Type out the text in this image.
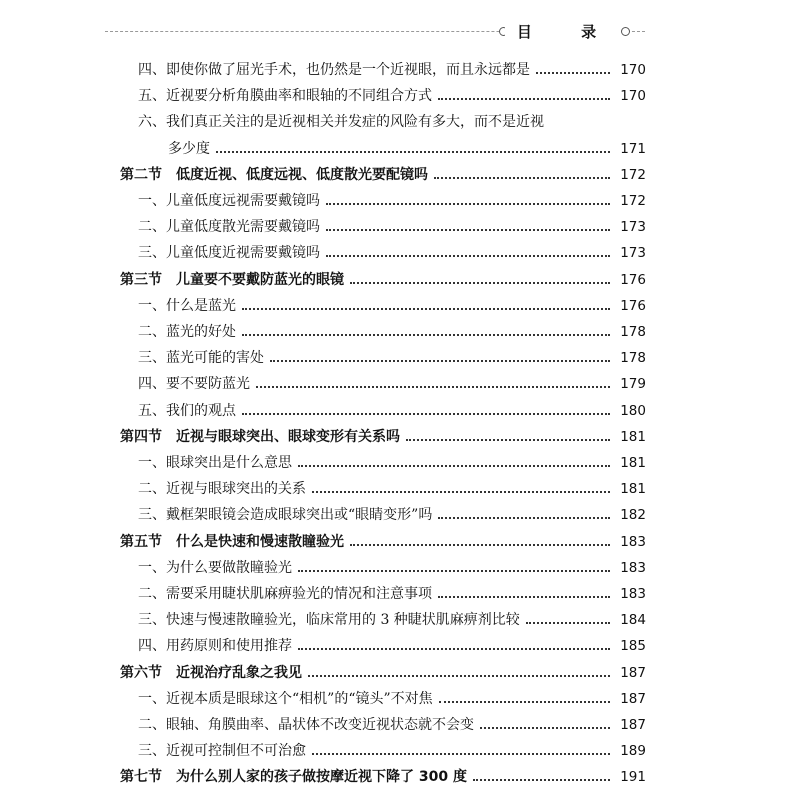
目 录
四、即使你做了屈光手术，也仍然是一个近视眼，而且永远都是	170
五、近视要分析角膜曲率和眼轴的不同组合方式	170
六、我们真正关注的是近视相关并发症的风险有多大，而不是近视
多少度	171
第二节　低度近视、低度远视、低度散光要配镜吗	172
一、儿童低度远视需要戴镜吗	172
二、儿童低度散光需要戴镜吗	173
三、儿童低度近视需要戴镜吗	173
第三节　儿童要不要戴防蓝光的眼镜	176
一、什么是蓝光	176
二、蓝光的好处	178
三、蓝光可能的害处	178
四、要不要防蓝光	179
五、我们的观点	180
第四节　近视与眼球突出、眼球变形有关系吗	181
一、眼球突出是什么意思	181
二、近视与眼球突出的关系	181
三、戴框架眼镜会造成眼球突出或“眼睛变形”吗	182
第五节　什么是快速和慢速散瞳验光	183
一、为什么要做散瞳验光	183
二、需要采用睫状肌麻痹验光的情况和注意事项	183
三、快速与慢速散瞳验光，临床常用的 3 种睫状肌麻痹剂比较	184
四、用药原则和使用推荐	185
第六节　近视治疗乱象之我见	187
一、近视本质是眼球这个“相机”的“镜头”不对焦	187
二、眼轴、角膜曲率、晶状体不改变近视状态就不会变	187
三、近视可控制但不可治愈	189
第七节　为什么别人家的孩子做按摩近视下降了 300 度	191
